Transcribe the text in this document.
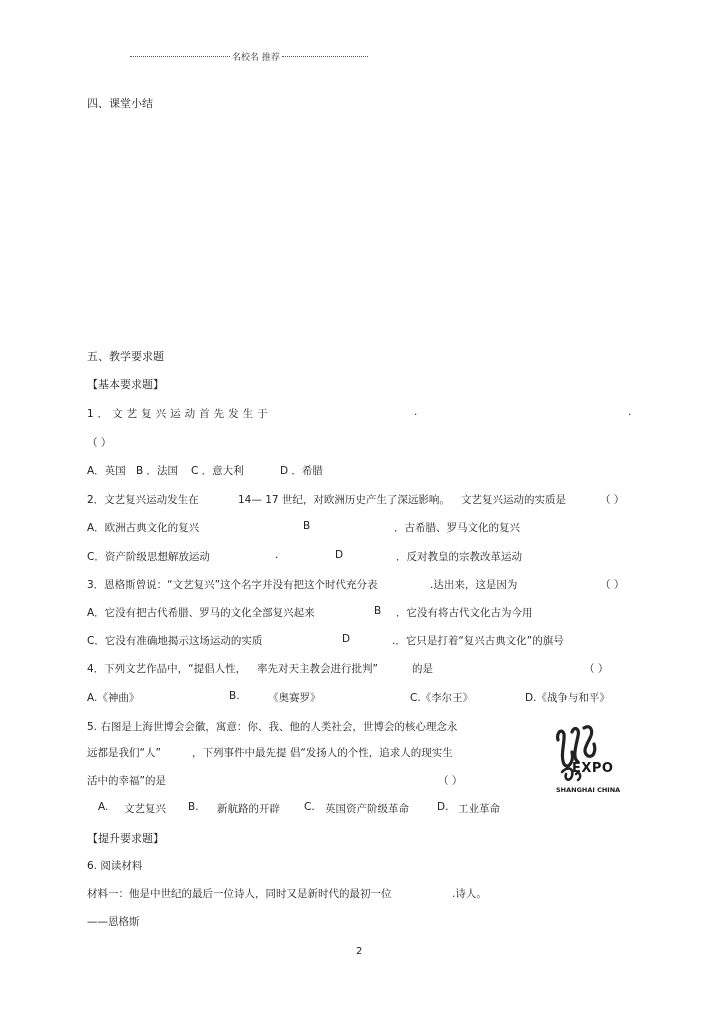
名校名 推荐
四、课堂小结
五、教学要求题
【基本要求题】
1．文艺复兴运动首先发生于	.	.
（ ）
A．英国 B ．法国 C ．意大利	D ．希腊
2．文艺复兴运动发生在	14— 17 世纪，对欧洲历史产生了深远影响。 文艺复兴运动的实质是	（ ）
A．欧洲古典文化的复兴	B	．古希腊、罗马文化的复兴
C．资产阶级思想解放运动	.	D	．反对教皇的宗教改革运动
3．恩格斯曾说：“文艺复兴”这个名字并没有把这个时代充分表	.达出来，这是因为	（ ）
A．它没有把古代希腊、罗马的文化全部复兴起来	B ．它没有将古代文化古为今用
C．它没有准确地揭示这场运动的实质	D	.．它只是打着“复兴古典文化”的旗号
4．下列文艺作品中，“提倡人性， 率先对天主教会进行批判”	的是	（ ）
A.《神曲》	B.	《奥赛罗》	C.《李尔王》	D.《战争与和平》
5. 右图是上海世博会会徽，寓意：你、我、他的人类社会，世博会的核心理念永
远都是我们“人”	，下列事件中最先提 倡“发扬人的个性，追求人的现实生
活中的幸福”的是	（ ）
A. 文艺复兴 B. 新航路的开辟 C. 英国资产阶级革命	D. 工业革命
EXPO
SHANGHAI CHINA
【提升要求题】
6. 阅读材料
材料一：他是中世纪的最后一位诗人，同时又是新时代的最初一位	.诗人。
——恩格斯
2
